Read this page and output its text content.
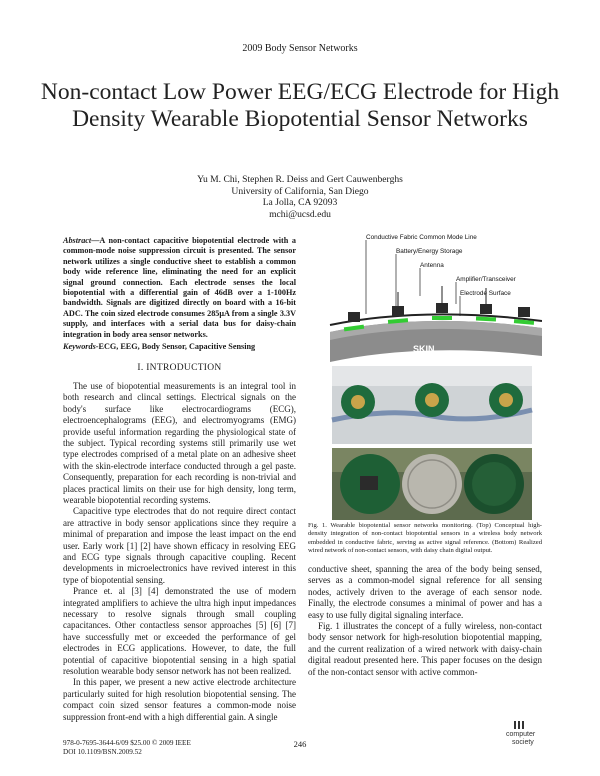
2009 Body Sensor Networks
Non-contact Low Power EEG/ECG Electrode for High Density Wearable Biopotential Sensor Networks
Yu M. Chi, Stephen R. Deiss and Gert Cauwenberghs
University of California, San Diego
La Jolla, CA 92093
mchi@ucsd.edu

Abstract—A non-contact capacitive biopotential electrode with a common-mode noise suppression circuit is presented. The sensor network utilizes a single conductive sheet to establish a common body wide reference line, eliminating the need for an explicit signal ground connection. Each electrode senses the local biopotential with a differential gain of 46dB over a 1-100Hz bandwidth. Signals are digitized directly on board with a 16-bit ADC. The coin sized electrode consumes 285μA from a single 3.3V supply, and interfaces with a serial data bus for daisy-chain integration in body area sensor networks.

Keywords-ECG, EEG, Body Sensor, Capacitive Sensing

I. INTRODUCTION

The use of biopotential measurements is an integral tool in both research and clincal settings. Electrical signals on the body's surface like electrocardiograms (ECG), electroencephalograms (EEG), and electromyograms (EMG) provide useful information regarding the physiological state of the subject. Typical recording systems still primarily use wet type electrodes comprised of a metal plate on an adhesive sheet with the skin-electrode interface conducted through a gel paste. Consequently, preparation for each recording is non-trivial and places practical limits on their use for high density, long term, wearable biopotential recording systems.

Capacitive type electrodes that do not require direct contact are attractive in body sensor applications since they require a minimal of preparation and impose the least impact on the end user. Early work [1] [2] have shown efficacy in resolving EEG and ECG type signals through capacitive coupling. Recent developments in microelectronics have revived interest in this type of biopotential sensing.

Prance et. al [3] [4] demonstrated the use of modern integrated amplifiers to achieve the ultra high input impedances necessary to resolve signals through small coupling capacitances. Other contactless sensor approaches [5] [6] [7] have successfully met or exceeded the performance of gel electrodes in ECG applications. However, to date, the full potential of capacitive biopotential sensing in a high spatial resolution wearable body sensor network has not been realized.

In this paper, we present a new active electrode architecture particularly suited for high resolution biopotential sensing. The compact coin sized sensor features a common-mode noise suppression front-end with a high differential gain. A single

SKIN
Conductive Fabric Common Mode Line
Battery/Energy Storage
Antenna
Amplifier/Transceiver
Electrode Surface
Fig. 1. Wearable biopotential sensor networks monitoring. (Top) Conceptual high-density integration of non-contact biopotential sensors in a wireless body network embedded in conductive fabric, serving as active signal reference. (Bottom) Realized wired network of non-contact sensors, with daisy chain digital output.

conductive sheet, spanning the area of the body being sensed, serves as a common-model signal reference for all sensing nodes, actively driven to the average of each sensor node. Finally, the electrode consumes a minimal of power and has a easy to use fully digital signaling interface.

Fig. 1 illustrates the concept of a fully wireless, non-contact body sensor network for high-resolution biopotential mapping, and the current realization of a wired network with daisy-chain digital readout presented here. This paper focuses on the design of the non-contact sensor with active common-

978-0-7695-3644-6/09 $25.00 © 2009 IEEE
DOI 10.1109/BSN.2009.52
246
computer
society
